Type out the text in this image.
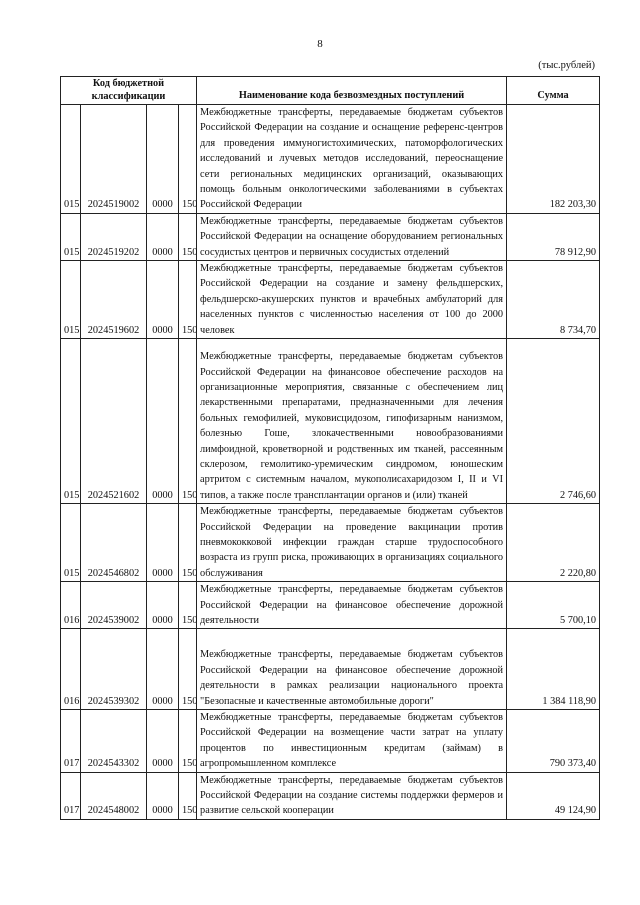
8
(тыс.рублей)
Код бюджетной классификации				Наименование кода безвозмездных поступлений	Сумма
015	2024519002	0000	150	Межбюджетные трансферты, передаваемые бюджетам субъектов Российской Федерации на создание и оснащение референс-центров для проведения иммуногистохимических, патоморфологических исследований и лучевых методов исследований, переоснащение сети региональных медицинских организаций, оказывающих помощь больным онкологическими заболеваниями в субъектах Российской Федерации	182 203,30
015	2024519202	0000	150	Межбюджетные трансферты, передаваемые бюджетам субъектов Российской Федерации на оснащение оборудованием региональных сосудистых центров и первичных сосудистых отделений	78 912,90
015	2024519602	0000	150	Межбюджетные трансферты, передаваемые бюджетам субъектов Российской Федерации на создание и замену фельдшерских, фельдшерско-акушерских пунктов и врачебных амбулаторий для населенных пунктов с численностью населения от 100 до 2000 человек	8 734,70
015	2024521602	0000	150	Межбюджетные трансферты, передаваемые бюджетам субъектов Российской Федерации на финансовое обеспечение расходов на организационные мероприятия, связанные с обеспечением лиц лекарственными препаратами, предназначенными для лечения больных гемофилией, муковисцидозом, гипофизарным нанизмом, болезнью Гоше, злокачественными новообразованиями лимфоидной, кроветворной и родственных им тканей, рассеянным склерозом, гемолитико-уремическим синдромом, юношеским артритом с системным началом, мукополисахаридозом I, II и VI типов, а также после трансплантации органов и (или) тканей	2 746,60
015	2024546802	0000	150	Межбюджетные трансферты, передаваемые бюджетам субъектов Российской Федерации на проведение вакцинации против пневмококковой инфекции граждан старше трудоспособного возраста из групп риска, проживающих в организациях социального обслуживания	2 220,80
016	2024539002	0000	150	Межбюджетные трансферты, передаваемые бюджетам субъектов Российской Федерации на финансовое обеспечение дорожной деятельности	5 700,10
016	2024539302	0000	150	Межбюджетные трансферты, передаваемые бюджетам субъектов Российской Федерации на финансовое обеспечение дорожной деятельности в рамках реализации национального проекта "Безопасные и качественные автомобильные дороги"	1 384 118,90
017	2024543302	0000	150	Межбюджетные трансферты, передаваемые бюджетам субъектов Российской Федерации на возмещение части затрат на уплату процентов по инвестиционным кредитам (займам) в агропромышленном комплексе	790 373,40
017	2024548002	0000	150	Межбюджетные трансферты, передаваемые бюджетам субъектов Российской Федерации на создание системы поддержки фермеров и развитие сельской кооперации	49 124,90
